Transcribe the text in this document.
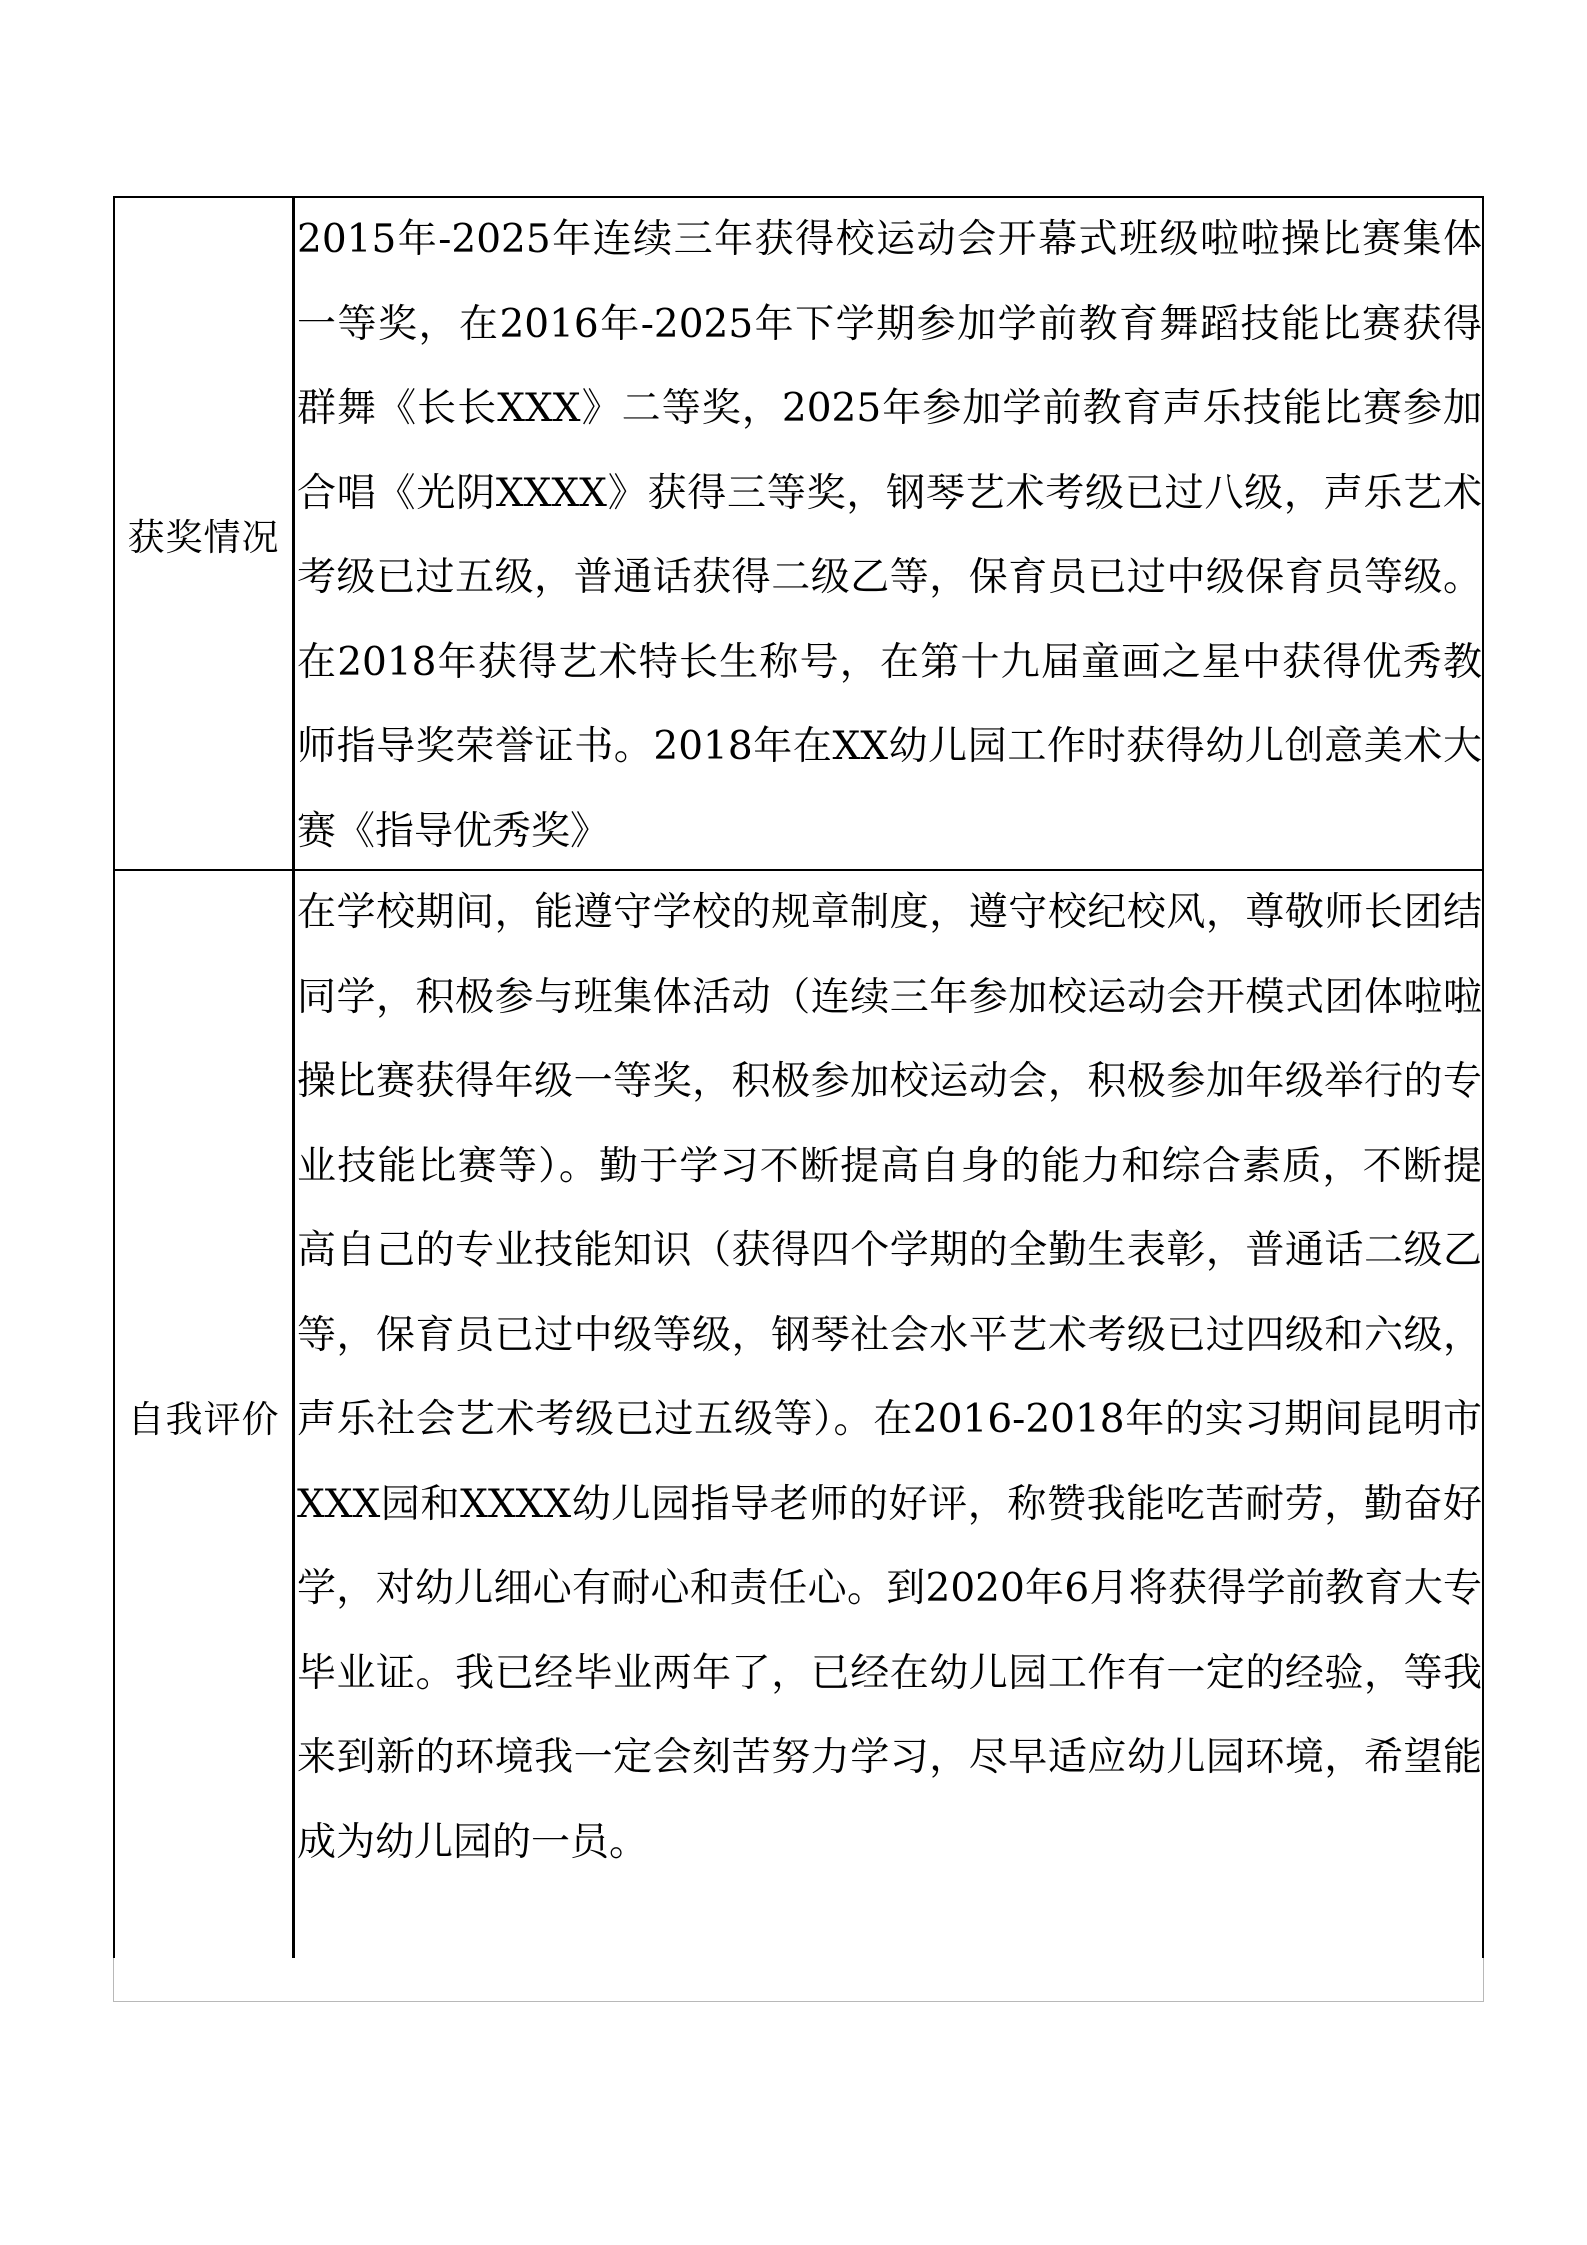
获奖情况
2015年-2025年连续三年获得校运动会开幕式班级啦啦操比赛集体一等奖，在2016年-2025年下学期参加学前教育舞蹈技能比赛获得群舞《长长XXX》二等奖，2025年参加学前教育声乐技能比赛参加合唱《光阴XXXX》获得三等奖，钢琴艺术考级已过八级，声乐艺术考级已过五级，普通话获得二级乙等，保育员已过中级保育员等级。在2018年获得艺术特长生称号，在第十九届童画之星中获得优秀教师指导奖荣誉证书。2018年在XX幼儿园工作时获得幼儿创意美术大赛《指导优秀奖》
自我评价
在学校期间，能遵守学校的规章制度，遵守校纪校风，尊敬师长团结同学，积极参与班集体活动（连续三年参加校运动会开模式团体啦啦操比赛获得年级一等奖，积极参加校运动会，积极参加年级举行的专业技能比赛等）。勤于学习不断提高自身的能力和综合素质，不断提高自己的专业技能知识（获得四个学期的全勤生表彰，普通话二级乙等，保育员已过中级等级，钢琴社会水平艺术考级已过四级和六级，声乐社会艺术考级已过五级等）。在2016-2018年的实习期间昆明市XXX园和XXXX幼儿园指导老师的好评，称赞我能吃苦耐劳，勤奋好学，对幼儿细心有耐心和责任心。到2020年6月将获得学前教育大专毕业证。我已经毕业两年了，已经在幼儿园工作有一定的经验，等我来到新的环境我一定会刻苦努力学习，尽早适应幼儿园环境，希望能成为幼儿园的一员。
